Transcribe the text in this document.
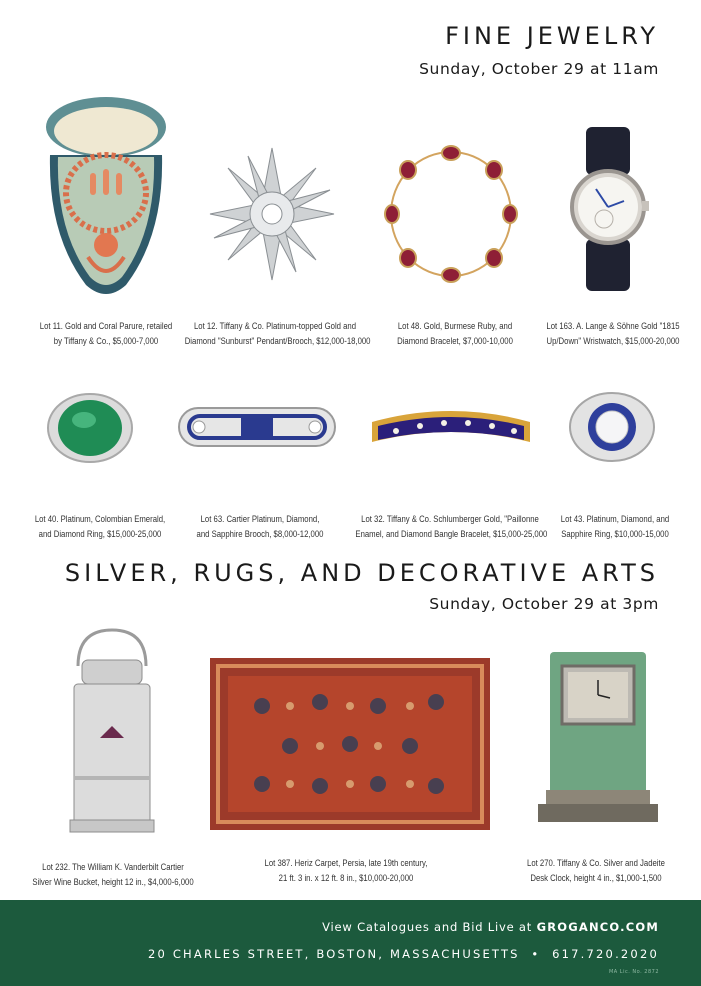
FINE JEWELRY
Sunday, October 29 at 11am
Lot 11. Gold and Coral Parure, retailed
by Tiffany & Co., $5,000-7,000
Lot 12. Tiffany & Co. Platinum-topped Gold and
Diamond "Sunburst" Pendant/Brooch, $12,000-18,000
Lot 48. Gold, Burmese Ruby, and
Diamond Bracelet, $7,000-10,000
Lot 163. A. Lange & Söhne Gold "1815
Up/Down" Wristwatch, $15,000-20,000
Lot 40. Platinum, Colombian Emerald,
and Diamond Ring, $15,000-25,000
Lot 63. Cartier Platinum, Diamond,
and Sapphire Brooch, $8,000-12,000
Lot 32. Tiffany & Co. Schlumberger Gold, "Paillonne
Enamel, and Diamond Bangle Bracelet, $15,000-25,000
Lot 43. Platinum, Diamond, and
Sapphire Ring, $10,000-15,000
SILVER, RUGS, AND DECORATIVE ARTS
Sunday, October 29 at 3pm
Lot 232. The William K. Vanderbilt Cartier
Silver Wine Bucket, height 12 in., $4,000-6,000
Lot 387. Heriz Carpet, Persia, late 19th century,
21 ft. 3 in. x 12 ft. 8 in., $10,000-20,000
Lot 270. Tiffany & Co. Silver and Jadeite
Desk Clock, height 4 in., $1,000-1,500
View Catalogues and Bid Live at GROGANCO.COM
20 CHARLES STREET, BOSTON, MASSACHUSETTS • 617.720.2020
MA Lic. No. 2872
